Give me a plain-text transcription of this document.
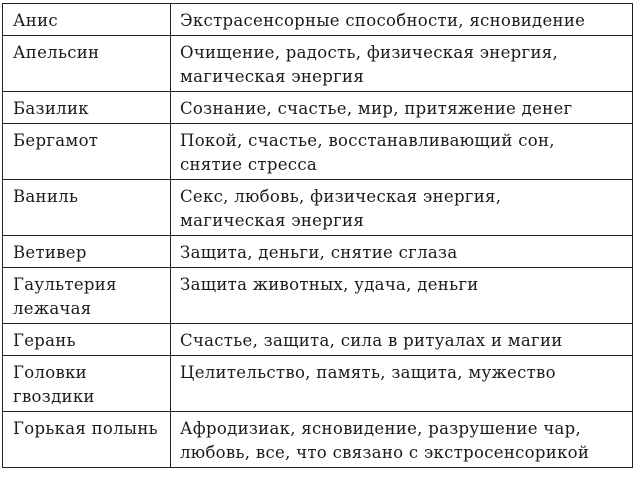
Анис	Экстрасенсорные способности, ясновидение
Апельсин	Очищение, радость, физическая энергия,
магическая энергия
Базилик	Сознание, счастье, мир, притяжение денег
Бергамот	Покой, счастье, восстанавливающий сон,
снятие стресса
Ваниль	Секс, любовь, физическая энергия,
магическая энергия
Ветивер	Защита, деньги, снятие сглаза
Гаультерия
лежачая	Защита животных, удача, деньги
Герань	Счастье, защита, сила в ритуалах и магии
Головки
гвоздики	Целительство, память, защита, мужество
Горькая полынь	Афродизиак, ясновидение, разрушение чар,
любовь, все, что связано с экстросенсорикой
